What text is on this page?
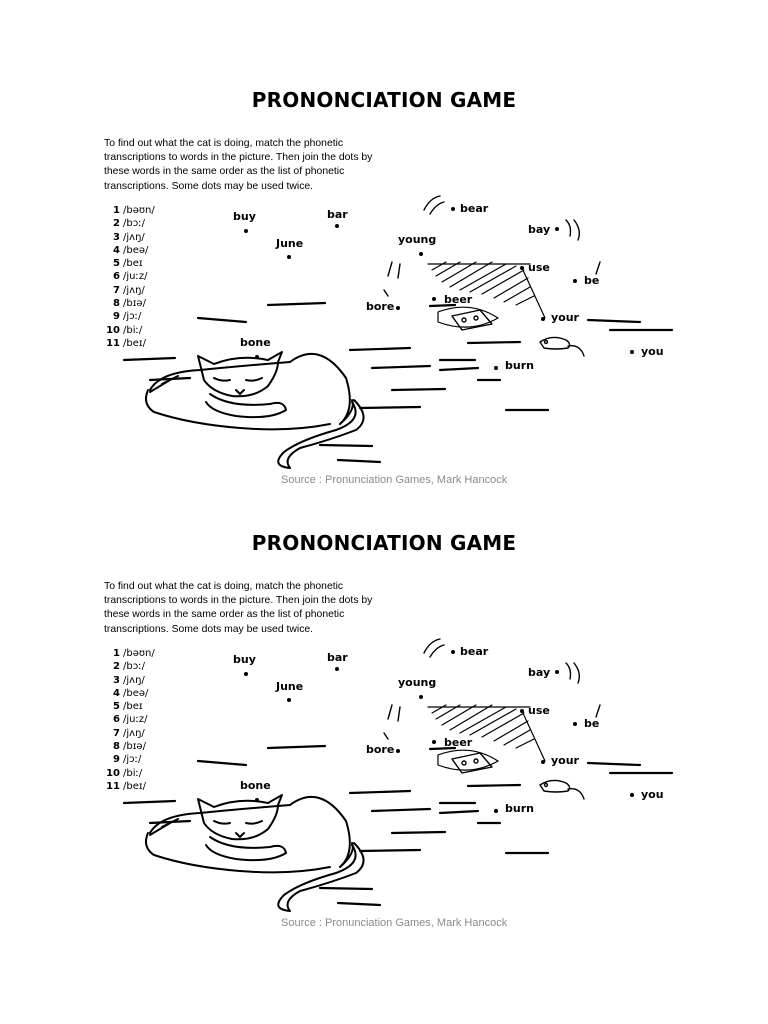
PRONONCIATION GAME
To find out what the cat is doing, match the phonetic
transcriptions to words in the picture. Then join the dots by
these words in the same order as the list of phonetic
transcriptions. Some dots may be used twice.
1 /bəʊn/
2 /bɔː/
3 /jʌŋ/
4 /beə/
5 /beɪ
6 /juːz/
7 /jʌŋ/
8 /bɪə/
9 /jɔː/
10 /biː/
11 /beɪ/
buy	bar
June
bear
bay
young
use
be
bore
beer
your
bone
you
burn
Source : Pronunciation Games, Mark Hancock
PRONONCIATION GAME
To find out what the cat is doing, match the phonetic
transcriptions to words in the picture. Then join the dots by
these words in the same order as the list of phonetic
transcriptions. Some dots may be used twice.
1 /bəʊn/
2 /bɔː/
3 /jʌŋ/
4 /beə/
5 /beɪ
6 /juːz/
7 /jʌŋ/
8 /bɪə/
9 /jɔː/
10 /biː/
11 /beɪ/
buy	bar
June
bear
bay
young
use
be
bore
beer
your
bone
you
burn
Source : Pronunciation Games, Mark Hancock
